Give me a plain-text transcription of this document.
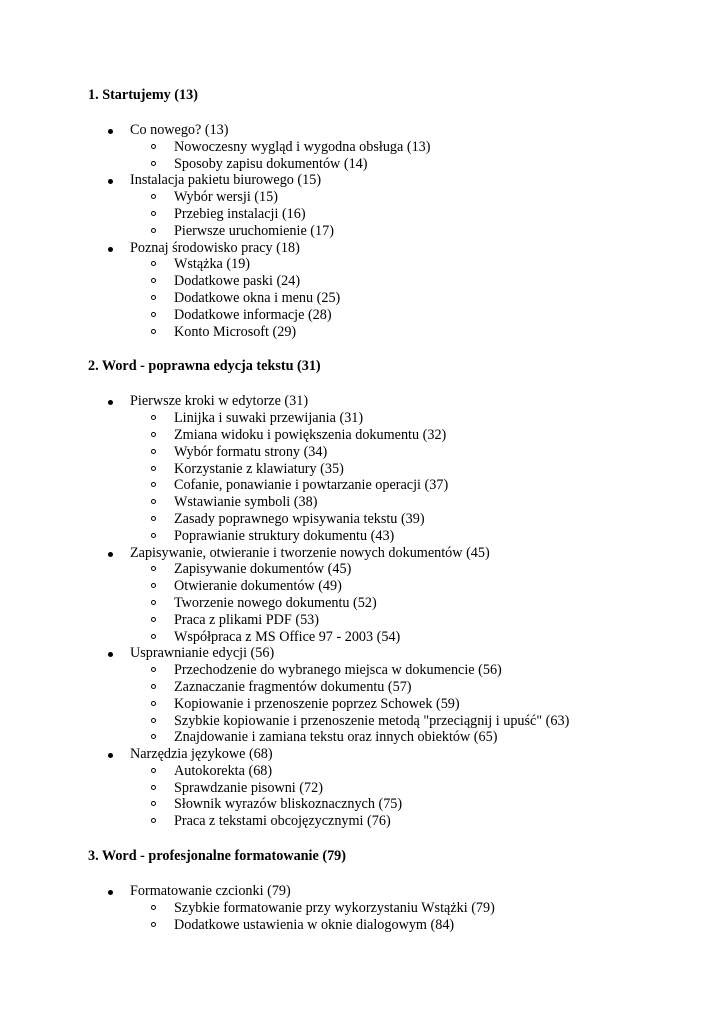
1. Startujemy (13)
Co nowego? (13)
Nowoczesny wygląd i wygodna obsługa (13)
Sposoby zapisu dokumentów (14)
Instalacja pakietu biurowego (15)
Wybór wersji (15)
Przebieg instalacji (16)
Pierwsze uruchomienie (17)
Poznaj środowisko pracy (18)
Wstążka (19)
Dodatkowe paski (24)
Dodatkowe okna i menu (25)
Dodatkowe informacje (28)
Konto Microsoft (29)
2. Word - poprawna edycja tekstu (31)
Pierwsze kroki w edytorze (31)
Linijka i suwaki przewijania (31)
Zmiana widoku i powiększenia dokumentu (32)
Wybór formatu strony (34)
Korzystanie z klawiatury (35)
Cofanie, ponawianie i powtarzanie operacji (37)
Wstawianie symboli (38)
Zasady poprawnego wpisywania tekstu (39)
Poprawianie struktury dokumentu (43)
Zapisywanie, otwieranie i tworzenie nowych dokumentów (45)
Zapisywanie dokumentów (45)
Otwieranie dokumentów (49)
Tworzenie nowego dokumentu (52)
Praca z plikami PDF (53)
Współpraca z MS Office 97 - 2003 (54)
Usprawnianie edycji (56)
Przechodzenie do wybranego miejsca w dokumencie (56)
Zaznaczanie fragmentów dokumentu (57)
Kopiowanie i przenoszenie poprzez Schowek (59)
Szybkie kopiowanie i przenoszenie metodą "przeciągnij i upuść" (63)
Znajdowanie i zamiana tekstu oraz innych obiektów (65)
Narzędzia językowe (68)
Autokorekta (68)
Sprawdzanie pisowni (72)
Słownik wyrazów bliskoznacznych (75)
Praca z tekstami obcojęzycznymi (76)
3. Word - profesjonalne formatowanie (79)
Formatowanie czcionki (79)
Szybkie formatowanie przy wykorzystaniu Wstążki (79)
Dodatkowe ustawienia w oknie dialogowym (84)
